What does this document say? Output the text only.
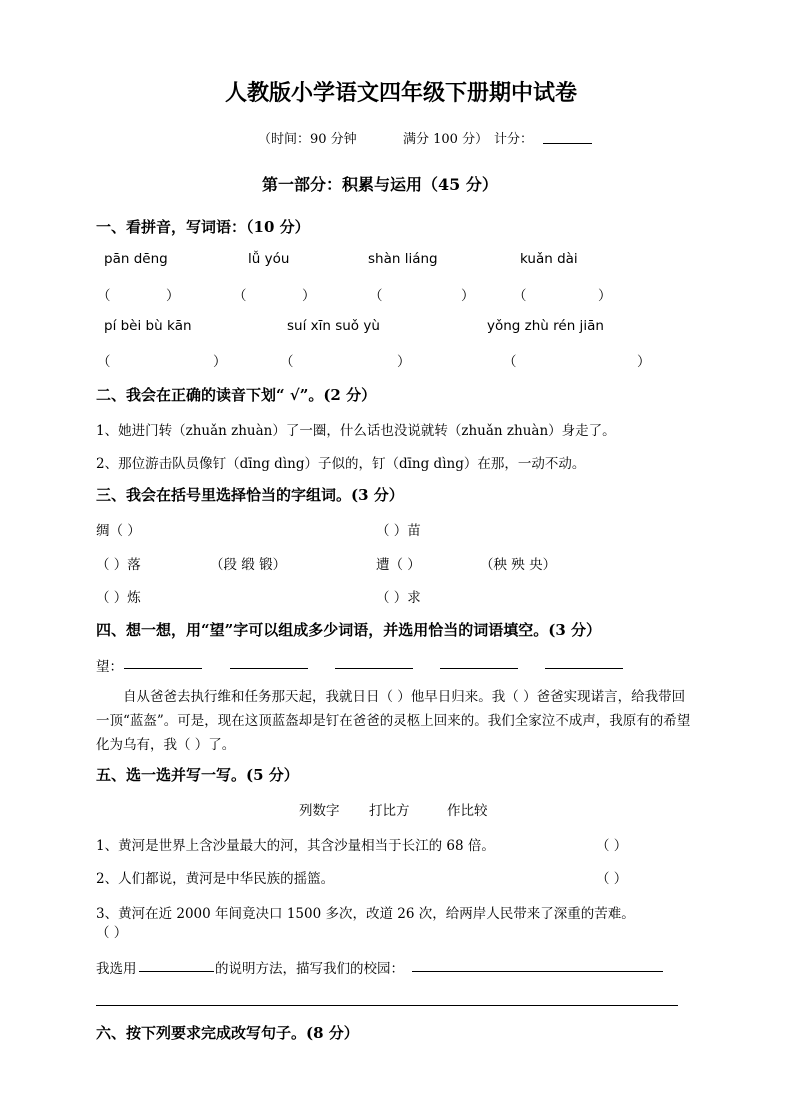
人教版小学语文四年级下册期中试卷
（时间：90 分钟	满分 100 分） 计分：
第一部分：积累与运用（45 分）
一、看拼音，写词语：（10 分）
pān dēng	lǚ yóu	shàn liáng	kuǎn dài
（	）	（	）	（	）	（	）
pí bèi bù kān	suí xīn suǒ yù	yǒng zhù rén jiān
（	）	（	）	（	）
二、我会在正确的读音下划“ √”。(2 分）
1、她进门转（zhuǎn zhuàn）了一圈，什么话也没说就转（zhuǎn zhuàn）身走了。
2、那位游击队员像钉（dīng dìng）子似的，钉（dīng dìng）在那，一动不动。
三、我会在括号里选择恰当的字组词。(3 分）
绸（ ）	（ ）苗
（ ）落	（段 缎 锻）	遭（ ）	（秧 殃 央）
（ ）炼	（ ）求
四、想一想，用“望”字可以组成多少词语，并选用恰当的词语填空。(3 分）
望：
自从爸爸去执行维和任务那天起，我就日日（ ）他早日归来。我（ ）爸爸实现诺言，给我带回一顶“蓝盔”。可是，现在这顶蓝盔却是钉在爸爸的灵柩上回来的。我们全家泣不成声，我原有的希望化为乌有，我（ ）了。
五、选一选并写一写。(5 分）
列数字 打比方	作比较
1、黄河是世界上含沙量最大的河，其含沙量相当于长江的 68 倍。	（ ）
2、人们都说，黄河是中华民族的摇篮。	（ ）
3、黄河在近 2000 年间竟决口 1500 多次，改道 26 次，给两岸人民带来了深重的苦难。
（ ）
我选用	的说明方法，描写我们的校园：
六、按下列要求完成改写句子。(8 分）
